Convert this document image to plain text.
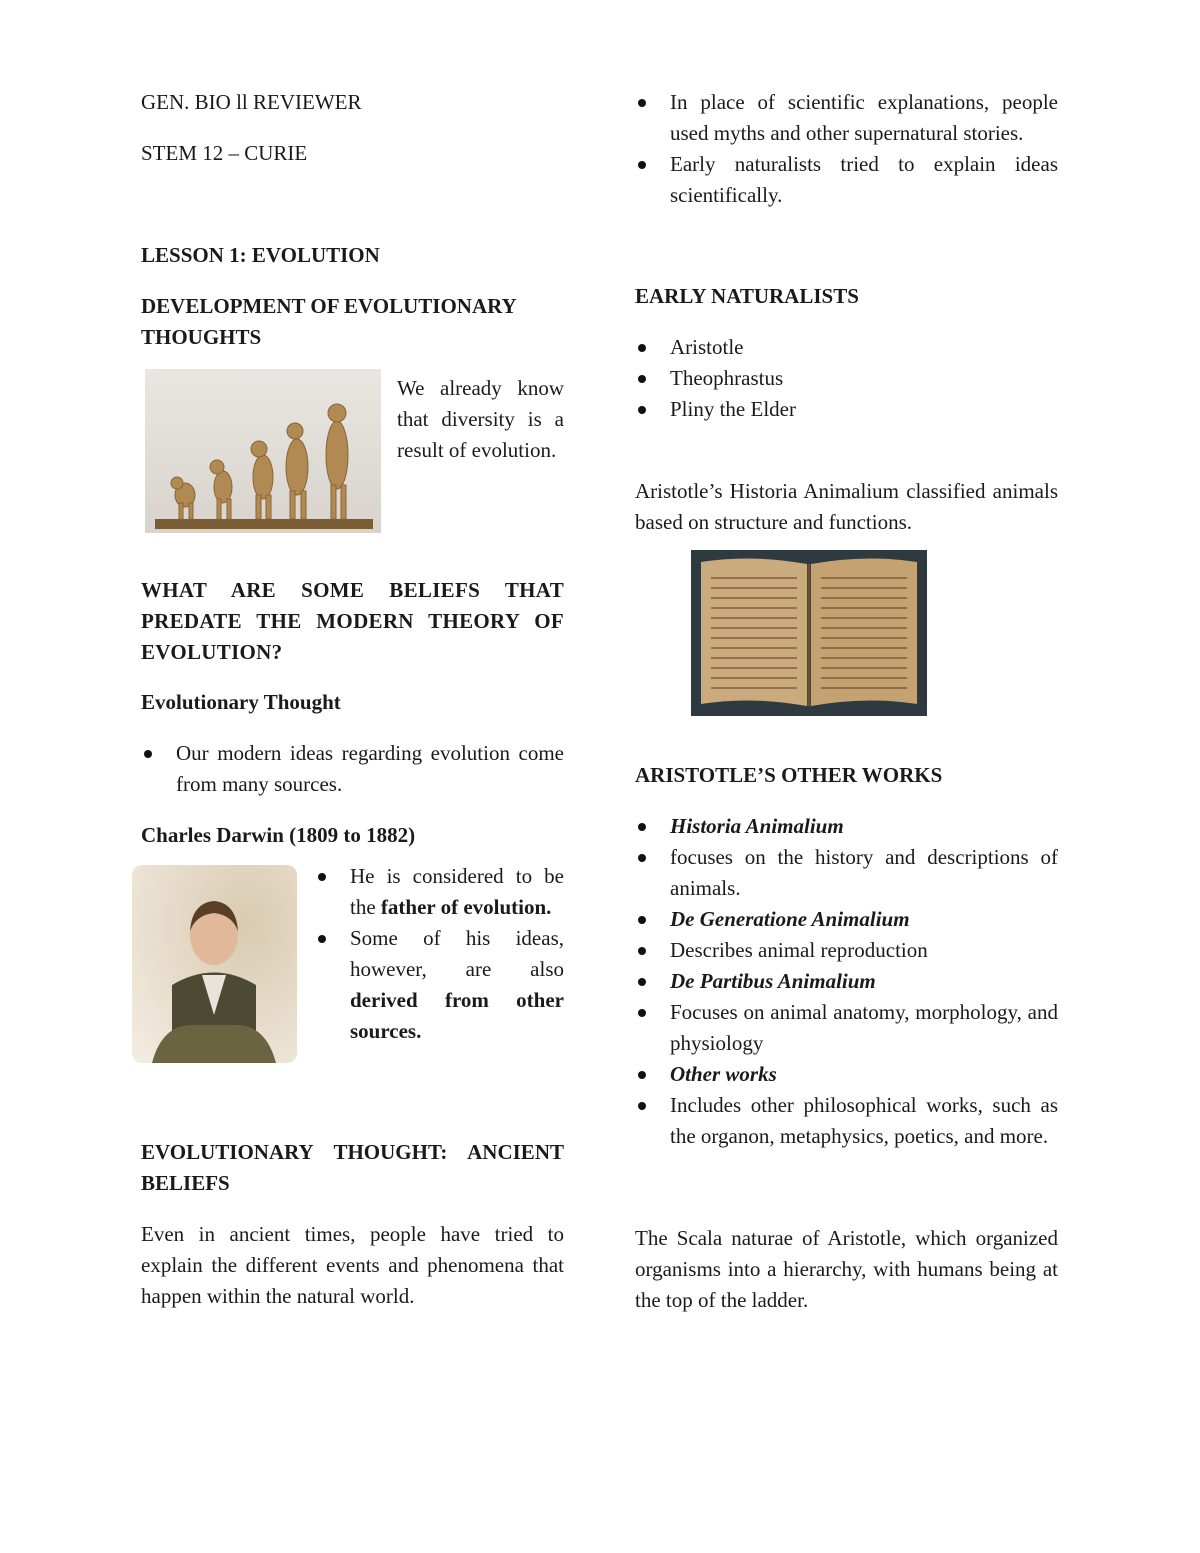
GEN. BIO ll REVIEWER

STEM 12 – CURIE

LESSON 1: EVOLUTION

DEVELOPMENT OF EVOLUTIONARY THOUGHTS

We already know that diversity is a result of evolution.

WHAT ARE SOME BELIEFS THAT PREDATE THE MODERN THEORY OF EVOLUTION?

Evolutionary Thought

Our modern ideas regarding evolution come from many sources.

Charles Darwin (1809 to 1882)

He is considered to be the father of evolution.
Some of his ideas, however, are also derived from other sources.

EVOLUTIONARY THOUGHT: ANCIENT BELIEFS

Even in ancient times, people have tried to explain the different events and phenomena that happen within the natural world.

In place of scientific explanations, people used myths and other supernatural stories.
Early naturalists tried to explain ideas scientifically.

EARLY NATURALISTS

Aristotle
Theophrastus
Pliny the Elder

Aristotle’s Historia Animalium classified animals based on structure and functions.

ARISTOTLE’S OTHER WORKS

Historia Animalium
focuses on the history and descriptions of animals.
De Generatione Animalium
Describes animal reproduction
De Partibus Animalium
Focuses on animal anatomy, morphology, and physiology
Other works
Includes other philosophical works, such as the organon, metaphysics, poetics, and more.

The Scala naturae of Aristotle, which organized organisms into a hierarchy, with humans being at the top of the ladder.
